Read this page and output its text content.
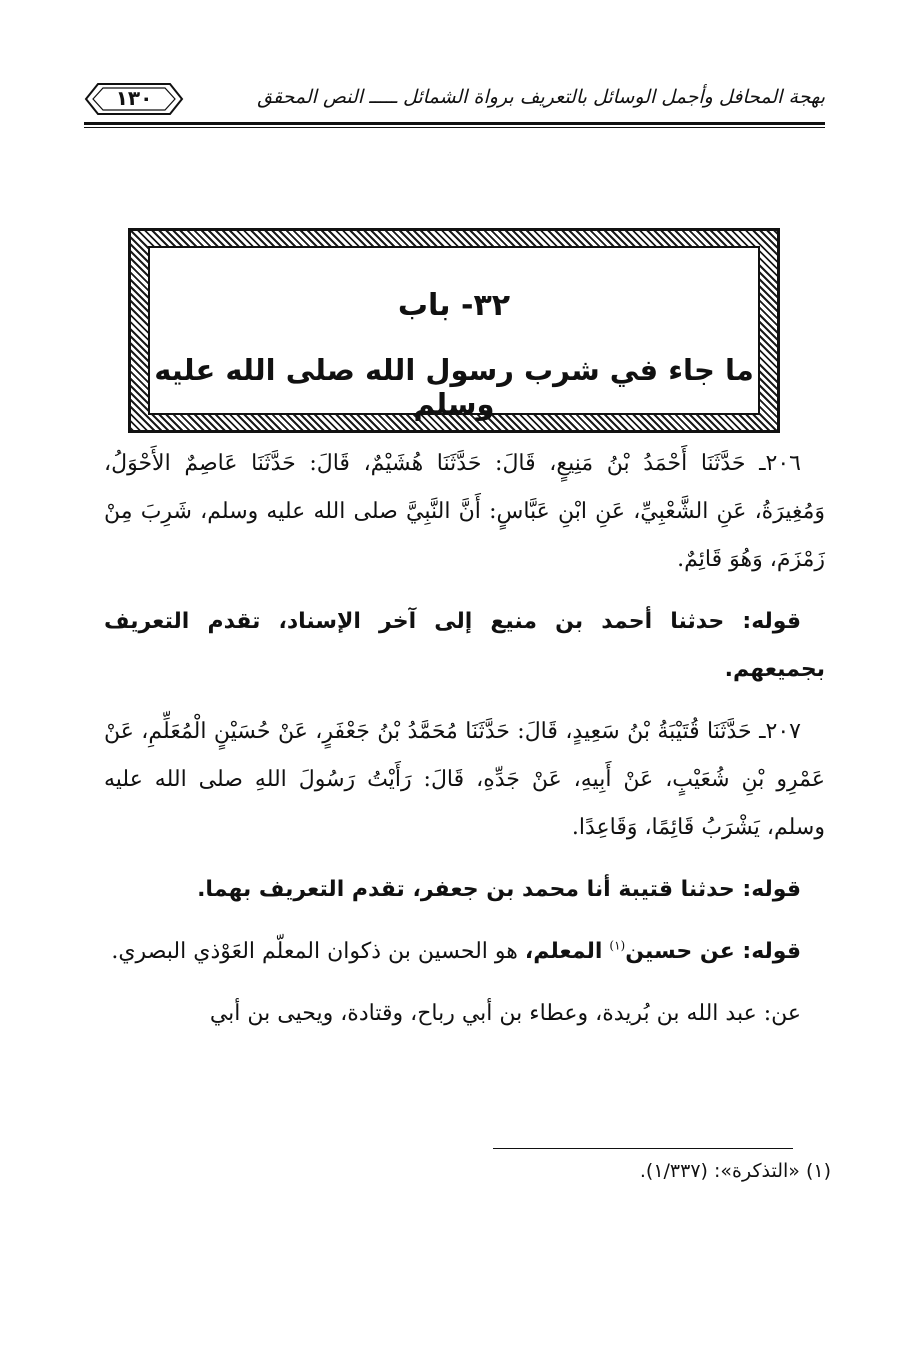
١٣٠	بهجة المحافل وأجمل الوسائل بالتعريف برواة الشمائل ـــــ النص المحقق
٣٢- باب
ما جاء في شرب رسول الله صلى الله عليه وسلم

٢٠٦ـ حَدَّثَنَا أَحْمَدُ بْنُ مَنِيعٍ، قَالَ: حَدَّثَنَا هُشَيْمٌ، قَالَ: حَدَّثَنَا عَاصِمٌ الأَحْوَلُ، وَمُغِيرَةُ، عَنِ الشَّعْبِيِّ، عَنِ ابْنِ عَبَّاسٍ: أَنَّ النَّبِيَّ صلى الله عليه وسلم، شَرِبَ مِنْ زَمْزَمَ، وَهُوَ قَائِمٌ.

قوله: حدثنا أحمد بن منيع إلى آخر الإسناد، تقدم التعريف بجميعهم.

٢٠٧ـ حَدَّثَنَا قُتَيْبَةُ بْنُ سَعِيدٍ، قَالَ: حَدَّثَنَا مُحَمَّدُ بْنُ جَعْفَرٍ، عَنْ حُسَيْنٍ الْمُعَلِّمِ، عَنْ عَمْرِو بْنِ شُعَيْبٍ، عَنْ أَبِيهِ، عَنْ جَدِّهِ، قَالَ: رَأَيْتُ رَسُولَ اللهِ صلى الله عليه وسلم، يَشْرَبُ قَائِمًا، وَقَاعِدًا.

قوله: حدثنا قتيبة أنا محمد بن جعفر، تقدم التعريف بهما.

قوله: عن حسين$^{(١)}$ المعلم، هو الحسين بن ذكوان المعلّم العَوْذي البصري.

عن: عبد الله بن بُريدة، وعطاء بن أبي رباح، وقتادة، ويحيى بن أبي

(١) «التذكرة»: (١/٣٣٧).
